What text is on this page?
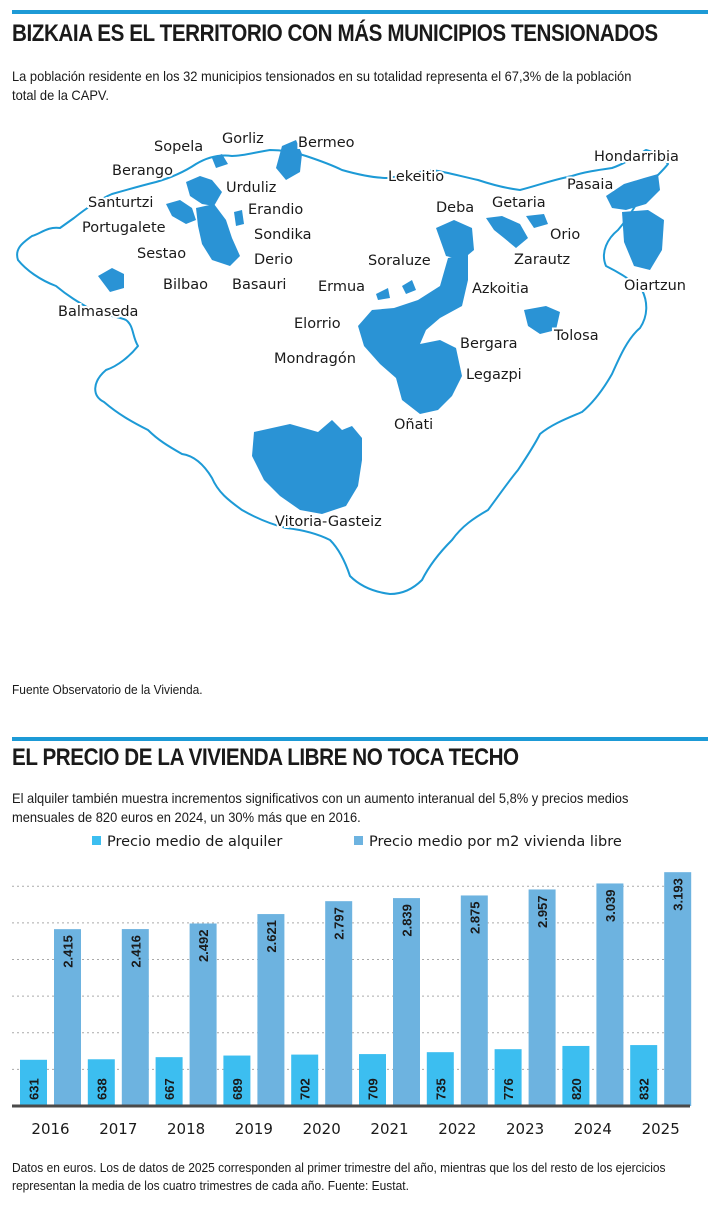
BIZKAIA ES EL TERRITORIO CON MÁS MUNICIPIOS TENSIONADOS
La población residente en los 32 municipios tensionados en su totalidad representa el 67,3% de la población total de la CAPV.
Sopela Gorliz Bermeo
Berango
Urduliz
Santurtzi	Erandio
Portugalete	Sondika
Sestao	Derio
Bilbao Basauri
Balmaseda
Lekeitio
Deba Getaria
Orio
Zarautz
Hondarribia
Pasaia
Oiartzun
Soraluze
Ermua	Azkoitia
Elorrio
Mondragón
Bergara
Legazpi
Tolosa
Oñati
Vitoria-Gasteiz
Fuente Observatorio de la Vivienda.
EL PRECIO DE LA VIVIENDA LIBRE NO TOCA TECHO
El alquiler también muestra incrementos significativos con un aumento interanual del 5,8% y precios medios mensuales de 820 euros en 2024, un 30% más que en 2016.
Precio medio de alquiler	Precio medio por m2 vivienda libre
631
2.415
2016
638
2.416
2017
667
2.492
2018
689
2.621
2019
702
2.797
2020
709
2.839
2021
735
2.875
2022
776
2.957
2023
820
3.039
2024
832
3.193
2025
Datos en euros. Los de datos de 2025 corresponden al primer trimestre del año, mientras que los del resto de los ejercicios representan la media de los cuatro trimestres de cada año. Fuente: Eustat.
